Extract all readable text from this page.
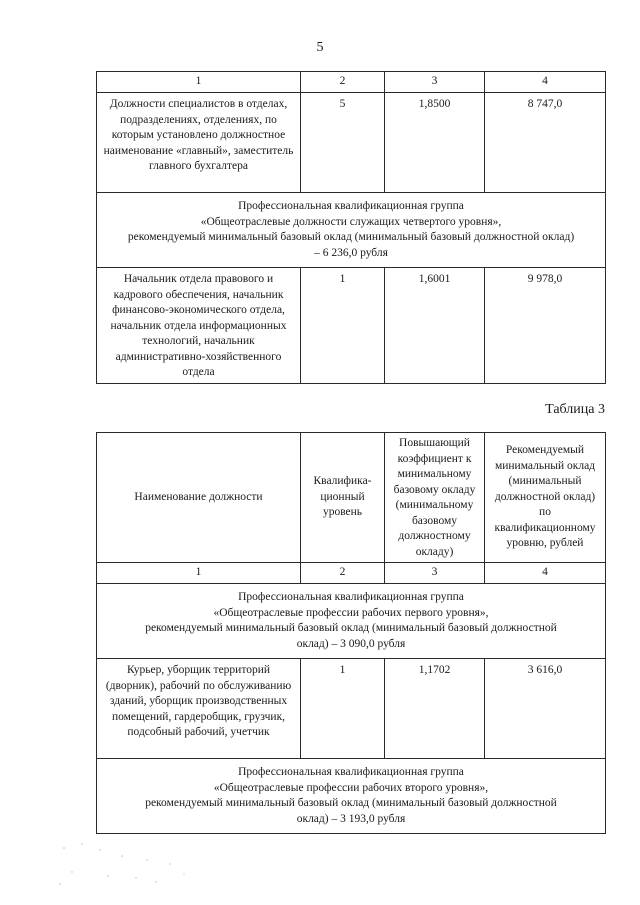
5
1	2	3	4
Должности специалистов в отделах, подразделениях, отделениях, по которым установлено должностное наименование «главный», заместитель главного бухгалтера	5	1,8500	8 747,0

Профессиональная квалификационная группа
«Общеотраслевые должности служащих четвертого уровня»,
рекомендуемый минимальный базовый оклад (минимальный базовый должностной оклад)
– 6 236,0 рубля			

Начальник отдела правового и кадрового обеспечения, начальник финансово-экономического отдела, начальник отдела информационных технологий, начальник административно-хозяйственного отдела	1	1,6001	9 978,0
Таблица 3
Наименование должности	Квалифика-ционный уровень	Повышающий коэффициент к минимальному базовому окладу (минимальному базовому должностному окладу)	Рекомендуемый минимальный оклад (минимальный должностной оклад) по квалификационному уровню, рублей
1	2	3	4

Профессиональная квалификационная группа
«Общеотраслевые профессии рабочих первого уровня»,
рекомендуемый минимальный базовый оклад (минимальный базовый должностной
оклад) – 3 090,0 рубля			

Курьер, уборщик территорий (дворник), рабочий по обслуживанию зданий, уборщик производственных помещений, гардеробщик, грузчик, подсобный рабочий, учетчик	1	1,1702	3 616,0

Профессиональная квалификационная группа
«Общеотраслевые профессии рабочих второго уровня»,
рекомендуемый минимальный базовый оклад (минимальный базовый должностной
оклад) – 3 193,0 рубля			
